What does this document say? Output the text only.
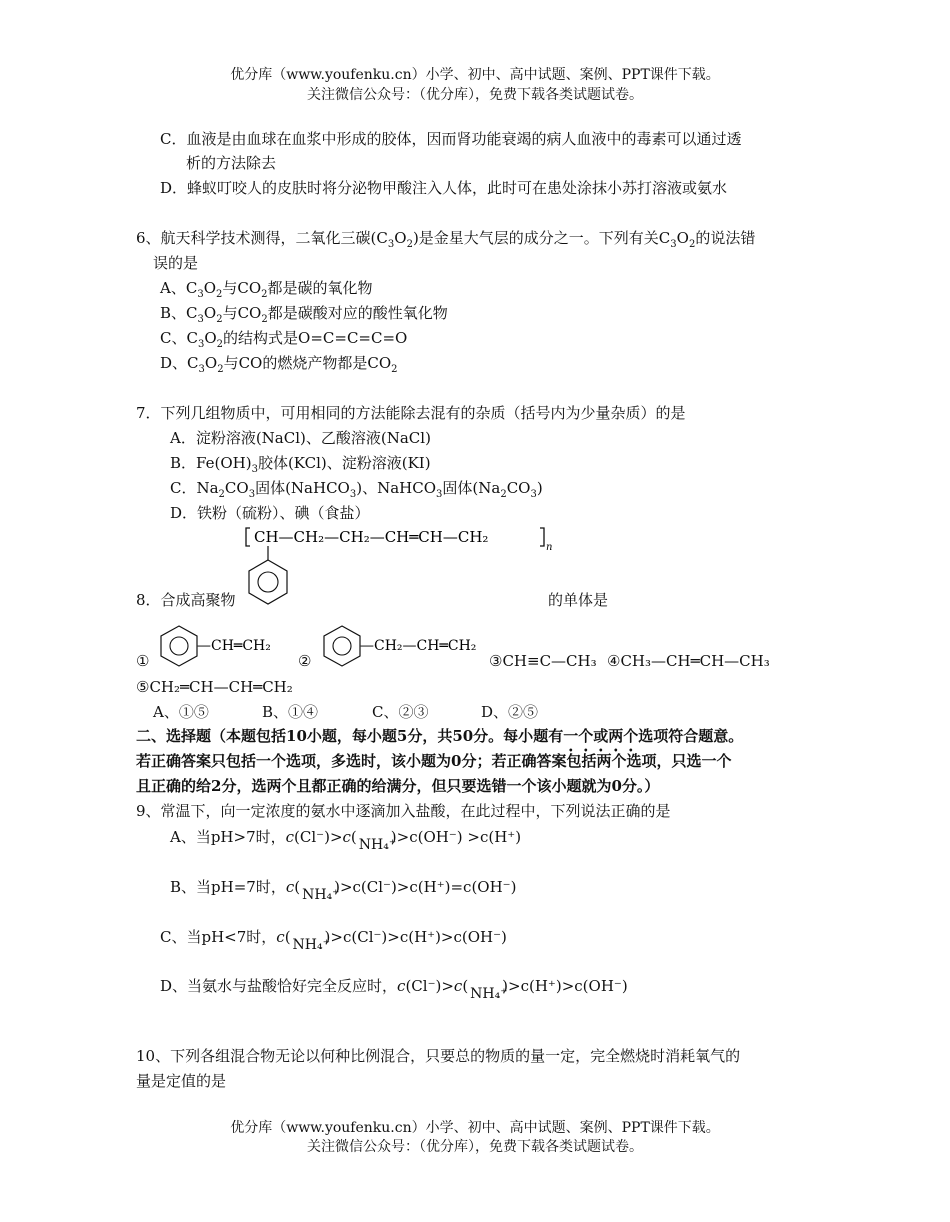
优分库（www.youfenku.cn）小学、初中、高中试题、案例、PPT课件下载。
关注微信公众号：（优分库），免费下载各类试题试卷。
C．血液是由血球在血浆中形成的胶体，因而肾功能衰竭的病人血液中的毒素可以通过透
析的方法除去
D．蜂蚁叮咬人的皮肤时将分泌物甲酸注入人体，此时可在患处涂抹小苏打溶液或氨水
6、航天科学技术测得，二氧化三碳$(C_3O_2)$是金星大气层的成分之一。下列有关$C_3O_2$的说法错
误的是
A、$C_3O_2$与$CO_2$都是碳的氧化物
B、$C_3O_2$与$CO_2$都是碳酸对应的酸性氧化物
C、$C_3O_2$的结构式是O=C=C=C=O
D、$C_3O_2$与CO的燃烧产物都是$CO_2$
7．下列几组物质中，可用相同的方法能除去混有的杂质（括号内为少量杂质）的是
A．淀粉溶液(NaCl)、乙酸溶液(NaCl)
B．$Fe(OH)_3$胶体(KCl)、淀粉溶液(KI)
C．$Na_2CO_3$固体(NaHCO$_3$)、NaHCO$_3$固体$(Na_2CO_3)$
D．铁粉（硫粉）、碘（食盐）
CH—CH₂—CH₂—CH═CH—CH₂
n
8．合成高聚物	的单体是
①
—CH═CH₂
②
—CH₂—CH═CH₂
③CH≡C—CH₃ ④CH₃—CH═CH—CH₃
⑤CH₂═CH—CH═CH₂
A、①⑤	B、①④	C、②③	D、②⑤
二、选择题（本题包括10小题，每小题5分，共50分。每小题有一个或两个选项符合题意。
若正确答案只包括一个选项，多选时，该小题为0分；若正确答案包括两个选项，只选一个
且正确的给2分，选两个且都正确的给满分，但只要选错一个该小题就为0分。）
9、常温下，向一定浓度的氨水中逐滴加入盐酸，在此过程中，下列说法正确的是
A、当pH>7时，c(Cl⁻)>c( NH₄⁺
)>c(OH⁻) >c(H⁺)
B、当pH=7时，c( NH₄⁺
)>c(Cl⁻)>c(H⁺)=c(OH⁻)
C、当pH<7时，c( NH₄⁺
)>c(Cl⁻)>c(H⁺)>c(OH⁻)
D、当氨水与盐酸恰好完全反应时，c(Cl⁻)>c( NH₄⁺
)>c(H⁺)>c(OH⁻)
10、下列各组混合物无论以何种比例混合，只要总的物质的量一定，完全燃烧时消耗氧气的
量是定值的是
优分库（www.youfenku.cn）小学、初中、高中试题、案例、PPT课件下载。
关注微信公众号：（优分库），免费下载各类试题试卷。
